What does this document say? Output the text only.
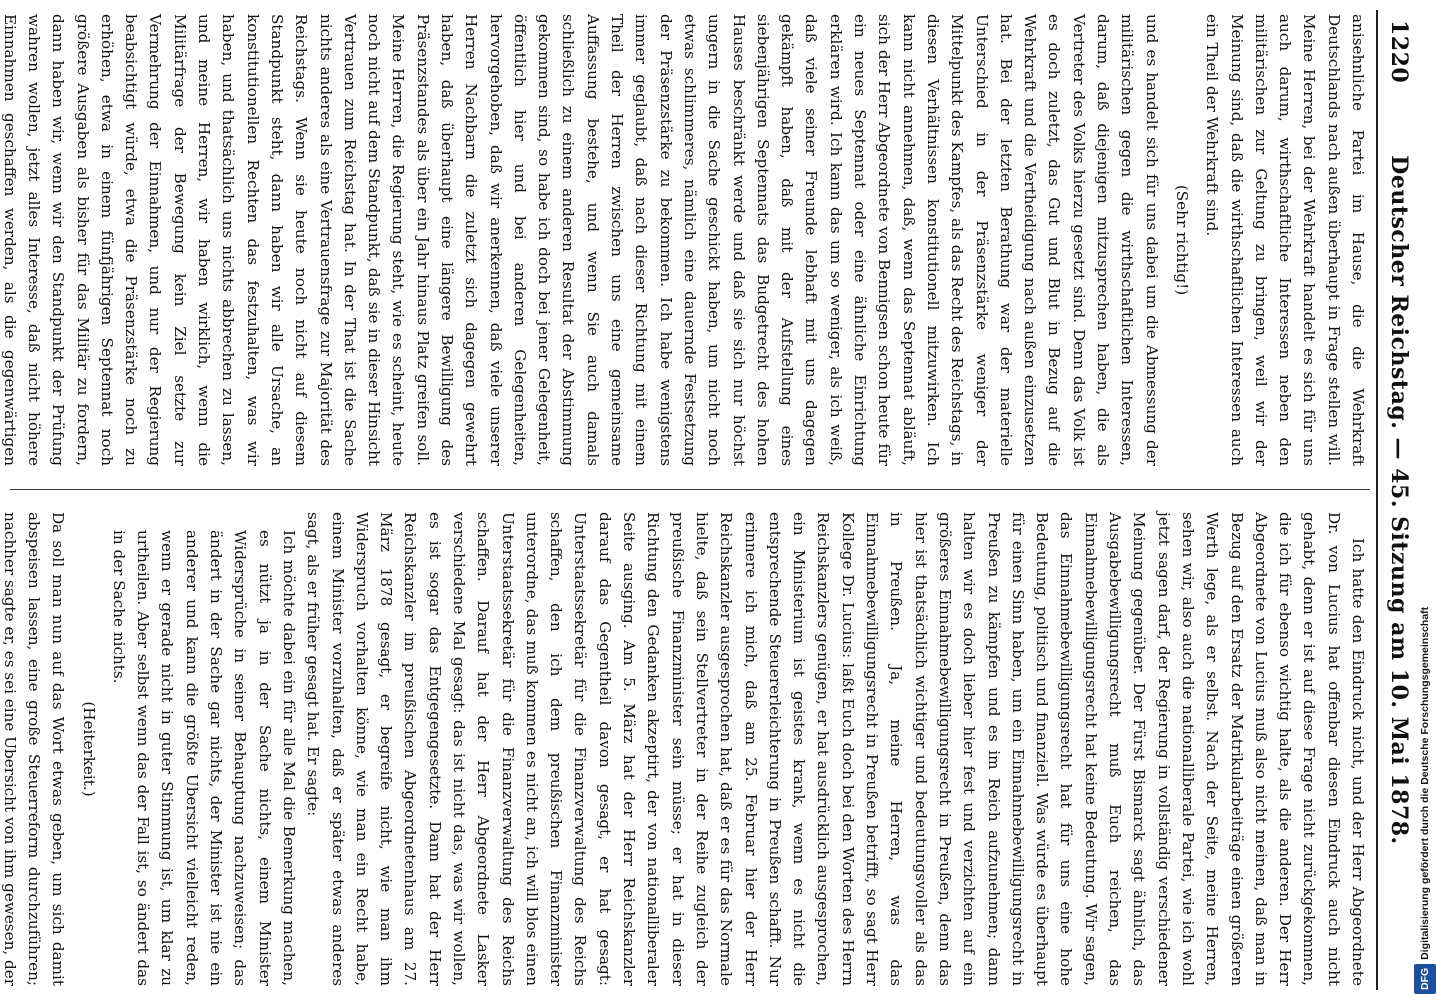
1220
Deutscher Reichstag. — 45. Sitzung am 10. Mai 1878.

anisehnliche Partei im Hause, die die Wehrkraft Deutschlands nach außen überhaupt in Frage stellen will. Meine Herren, bei der Wehrkraft handelt es sich für uns auch darum, wirthschaftliche Interessen neben den militärischen zur Geltung zu bringen, weil wir der Meinung sind, daß die wirthschaftlichen Interessen auch ein Theil der Wehrkraft sind.

(Sehr richtig!)

und es handelt sich für uns dabei um die Abmessung der militärischen gegen die wirthschaftlichen Interessen, darum, daß diejenigen mitzusprechen haben, die als Vertreter des Volks hierzu gesetzt sind. Denn das Volk ist es doch zuletzt, das Gut und Blut in Bezug auf die Wehrkraft und die Vertheidigung nach außen einzusetzen hat. Bei der letzten Berathung war der materielle Unterschied in der Präsenzstärke weniger der Mittelpunkt des Kampfes, als das Recht des Reichstags, in diesen Verhältnissen konstitutionell mitzuwirken. Ich kann nicht annehmen, daß, wenn das Septennat abläuft, sich der Herr Abgeordnete von Bennigsen schon heute für ein neues Septennat oder eine ähnliche Einrichtung erklären wird. Ich kann das um so weniger, als ich weiß, daß viele seiner Freunde lebhaft mit uns dagegen gekämpft haben, daß mit der Aufstellung eines siebenjährigen Septennats das Budgetrecht des hohen Hauses beschränkt werde und daß sie sich nur höchst ungern in die Sache geschickt haben, um nicht noch etwas schlimmeres, nämlich eine dauernde Festsetzung der Präsenzstärke zu bekommen. Ich habe wenigstens immer geglaubt, daß nach dieser Richtung mit einem Theil der Herren zwischen uns eine gemeinsame Auffassung bestehe, und wenn Sie auch damals schließlich zu einem anderen Resultat der Abstimmung gekommen sind, so habe ich doch bei jener Gelegenheit, öffentlich hier und bei anderen Gelegenheiten, hervorgehoben, daß wir anerkennen, daß viele unserer Herren Nachbarn die zuletzt sich dagegen gewehrt haben, daß überhaupt eine längere Bewilligung des Präsenzstandes als über ein Jahr hinaus Platz greifen soll. Meine Herren, die Regierung steht, wie es scheint, heute noch nicht auf dem Standpunkt, daß sie in dieser Hinsicht Vertrauen zum Reichstag hat. In der That ist die Sache nichts anderes als eine Vertrauensfrage zur Majorität des Reichstags. Wenn sie heute noch nicht auf diesem Standpunkt steht, dann haben wir alle Ursache, an konstitutionellen Rechten das festzuhalten, was wir haben, und thatsächlich uns nichts abbrechen zu lassen, und meine Herren, wir haben wirklich, wenn die Militärfrage der Bewegung kein Ziel setzte zur Vermehrung der Einnahmen, und nur der Regierung beabsichtigt würde, etwa die Präsenzstärke noch zu erhöhen, etwa in einem fünfjährigen Septennat noch größere Ausgaben als bisher für das Militär zu fordern, dann haben wir, wenn wir den Standpunkt der Prüfung wahren wollen, jetzt alles Interesse, daß nicht höhere Einnahmen geschaffen werden, als die gegenwärtigen

Ich hatte den Eindruck nicht, und der Herr Abgeordnete Dr. von Lucius hat offenbar diesen Eindruck auch nicht gehabt, denn er ist auf diese Frage nicht zurückgekommen, die ich für ebenso wichtig halte, als die anderen. Der Herr Abgeordnete von Lucius muß also nicht meinen, daß man in Bezug auf den Ersatz der Matrikularbeiträge einen größeren Werth lege, als er selbst. Nach der Seite, meine Herren, sehen wir, also auch die nationalliberale Partei, wie ich wohl jetzt sagen darf, der Regierung in vollständig verschiedener Meinung gegenüber. Der Fürst Bismarck sagt ähnlich, das Ausgabebewilligungsrecht muß Euch reichen, das Einnahmebewilligungsrecht hat keine Bedeutung. Wir sagen, das Einnahmebewilligungsrecht hat für uns eine hohe Bedeutung, politisch und finanziell. Was würde es überhaupt für einen Sinn haben, um ein Einnahmebewilligungsrecht in Preußen zu kämpfen und es im Reich aufzunehmen; dann halten wir es doch lieber hier fest und verzichten auf ein größeres Einnahmebewilligungsrecht in Preußen, denn das hier ist thatsächlich wichtiger und bedeutungsvoller als das in Preußen. Ja, meine Herren, was das Einnahmebewilligungsrecht in Preußen betrifft, so sagt Herr Kollege Dr. Lucius: laßt Euch doch bei den Worten des Herrn Reichskanzlers genügen, er hat ausdrücklich ausgesprochen, ein Ministerium ist geistes krank, wenn es nicht die entsprechende Steuererleichterung in Preußen schafft. Nur erinnere ich mich, daß am 25. Februar hier der Herr Reichskanzler ausgesprochen hat, daß er es für das Normale hielte, daß sein Stellvertreter in der Reihe zugleich der preußische Finanzminister sein müsse; er hat in dieser Richtung den Gedanken akzeptirt, der von nationalliberaler Seite ausging. Am 5. März hat der Herr Reichskanzler darauf das Gegentheil davon gesagt, er hat gesagt: Unterstaatssekretär für die Finanzverwaltung des Reichs schaffen, den ich dem preußischen Finanzminister unterordne, das muß kommen es nicht an, ich will blos einen Unterstaatssekretär für die Finanzverwaltung des Reichs schaffen. Darauf hat der Herr Abgeordnete Lasker verschiedene Mal gesagt: das ist nicht das, was wir wollen, es ist sogar das Entgegengesetzte. Dann hat der Herr Reichskanzler im preußischen Abgeordnetenhaus am 27. März 1878 gesagt, er begreife nicht, wie man ihm Widerspruch vorhalten könne, wie man ein Recht habe, einem Minister vorzuhalten, daß er später etwas anderes sagt, als er früher gesagt hat. Er sagte:

Ich möchte dabei ein für alle Mal die Bemerkung machen, es nützt ja in der Sache nichts, einem Minister Widersprüche in seiner Behauptung nachzuweisen; das ändert in der Sache gar nichts, der Minister ist nie ein anderer und kann die größte Ubersicht vielleicht reden, wenn er gerade nicht in guter Stimmung ist, um klar zu urtheilen. Aber selbst wenn das der Fall ist, so ändert das in der Sache nichts.

(Heiterkeit.)

Da soll man nun auf das Wort etwas geben, um sich damit abspeisen lassen, eine große Steuerreform durchzuführen; nachher sagte er, es sei eine Ubersicht von ihm gewesen, der	DFGDigitalisierung gefördert durch die Deutsche Forschungsgemeinschaft
